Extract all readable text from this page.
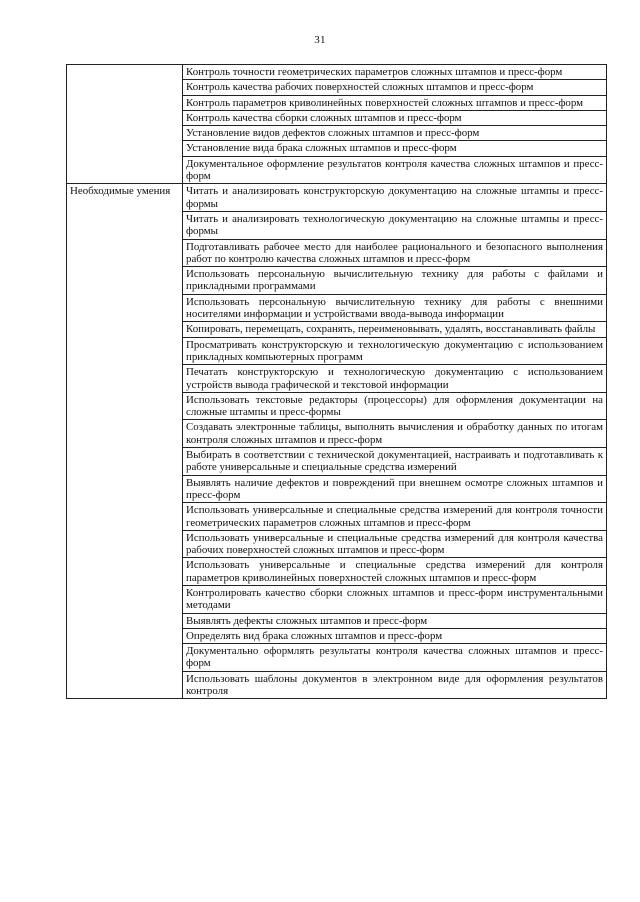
31
	Контроль точности геометрических параметров сложных штампов и пресс-форм
	Контроль качества рабочих поверхностей сложных штампов и пресс-форм
	Контроль параметров криволинейных поверхностей сложных штампов и пресс-форм
	Контроль качества сборки сложных штампов и пресс-форм
	Установление видов дефектов сложных штампов и пресс-форм
	Установление вида брака сложных штампов и пресс-форм
	Документальное оформление результатов контроля качества сложных штампов и пресс-форм
Необходимые умения	Читать и анализировать конструкторскую документацию на сложные штампы и пресс-формы
	Читать и анализировать технологическую документацию на сложные штампы и пресс-формы
	Подготавливать рабочее место для наиболее рационального и безопасного выполнения работ по контролю качества сложных штампов и пресс-форм
	Использовать персональную вычислительную технику для работы с файлами и прикладными программами
	Использовать персональную вычислительную технику для работы с внешними носителями информации и устройствами ввода-вывода информации
	Копировать, перемещать, сохранять, переименовывать, удалять, восстанавливать файлы
	Просматривать конструкторскую и технологическую документацию с использованием прикладных компьютерных программ
	Печатать конструкторскую и технологическую документацию с использованием устройств вывода графической и текстовой информации
	Использовать текстовые редакторы (процессоры) для оформления документации на сложные штампы и пресс-формы
	Создавать электронные таблицы, выполнять вычисления и обработку данных по итогам контроля сложных штампов и пресс-форм
	Выбирать в соответствии с технической документацией, настраивать и подготавливать к работе универсальные и специальные средства измерений
	Выявлять наличие дефектов и повреждений при внешнем осмотре сложных штампов и пресс-форм
	Использовать универсальные и специальные средства измерений для контроля точности геометрических параметров сложных штампов и пресс-форм
	Использовать универсальные и специальные средства измерений для контроля качества рабочих поверхностей сложных штампов и пресс-форм
	Использовать универсальные и специальные средства измерений для контроля параметров криволинейных поверхностей сложных штампов и пресс-форм
	Контролировать качество сборки сложных штампов и пресс-форм инструментальными методами
	Выявлять дефекты сложных штампов и пресс-форм
	Определять вид брака сложных штампов и пресс-форм
	Документально оформлять результаты контроля качества сложных штампов и пресс-форм
	Использовать шаблоны документов в электронном виде для оформления результатов контроля
